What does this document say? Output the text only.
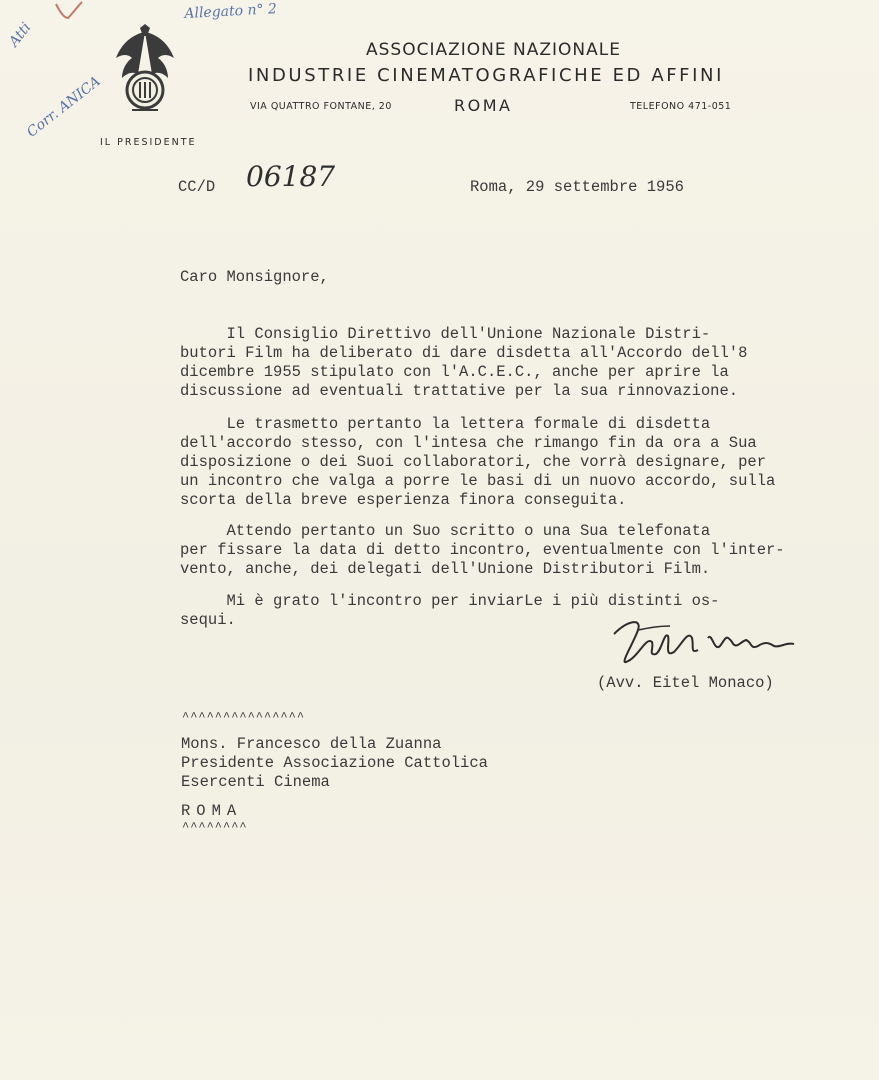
ASSOCIAZIONE NAZIONALE
INDUSTRIE CINEMATOGRAFICHE ED AFFINI
VIA QUATTRO FONTANE, 20	ROMA	TELEFONO 471-051
IL PRESIDENTE
Allegato n° 2
Atti
Corr. ANICA
CC/D 06187	Roma, 29 settembre 1956
Caro Monsignore,
Il Consiglio Direttivo dell'Unione Nazionale Distri-
butori Film ha deliberato di dare disdetta all'Accordo dell'8
dicembre 1955 stipulato con l'A.C.E.C., anche per aprire la
discussione ad eventuali trattative per la sua rinnovazione.
Le trasmetto pertanto la lettera formale di disdetta
dell'accordo stesso, con l'intesa che rimango fin da ora a Sua
disposizione o dei Suoi collaboratori, che vorrà designare, per
un incontro che valga a porre le basi di un nuovo accordo, sulla
scorta della breve esperienza finora conseguita.
Attendo pertanto un Suo scritto o una Sua telefonata
per fissare la data di detto incontro, eventualmente con l'inter-
vento, anche, dei delegati dell'Unione Distributori Film.
Mi è grato l'incontro per inviarLe i più distinti os-
sequi.
(Avv. Eitel Monaco)
^^^^^^^^^^^^^^^
Mons. Francesco della Zuanna
Presidente Associazione Cattolica
Esercenti Cinema
ROMA
^^^^^^^^
